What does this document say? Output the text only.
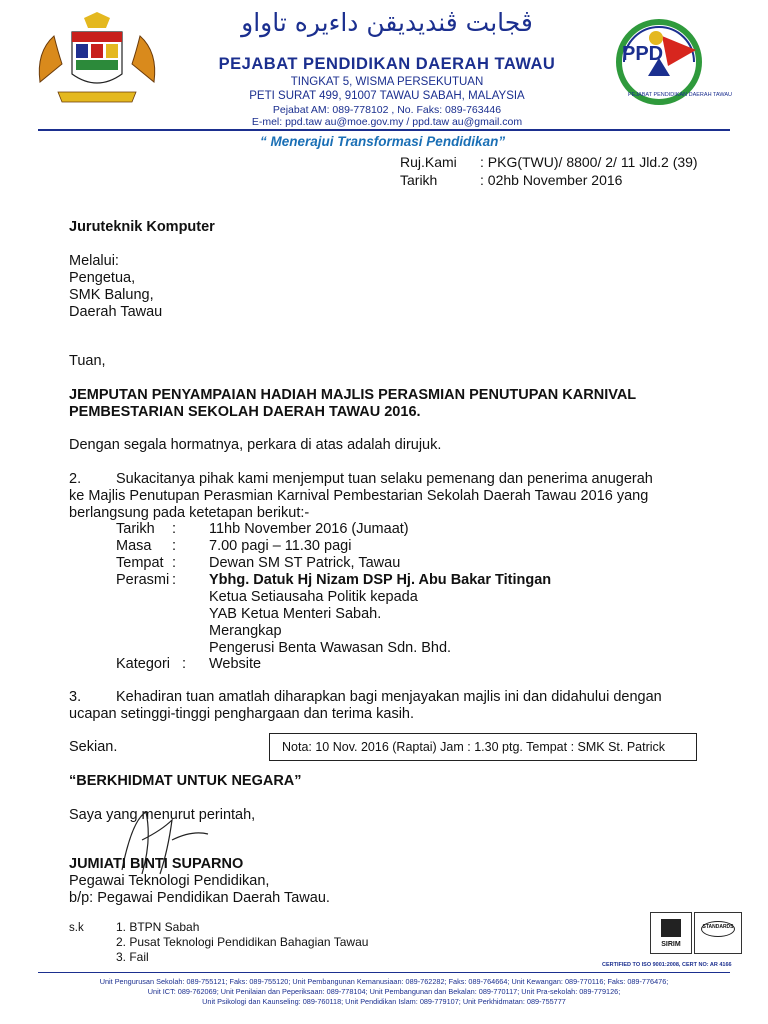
ڤجابت ڤنديديقن داءيره تاواو
PEJABAT PENDIDIKAN DAERAH TAWAU
TINGKAT 5, WISMA PERSEKUTUAN
PETI SURAT 499, 91007 TAWAU SABAH, MALAYSIA
Pejabat AM: 089-778102 , No. Faks: 089-763446
E-mel: ppd.taw au@moe.gov.my / ppd.taw au@gmail.com
PPD
PEJABAT PENDIDIKAN DAERAH TAWAU
“ Menerajui Transformasi Pendidikan”
Ruj.Kami : PKG(TWU)/ 8800/ 2/ 11 Jld.2 (39)
Tarikh	: 02hb November 2016
Juruteknik Komputer
Melalui:
Pengetua,
SMK Balung,
Daerah Tawau
Tuan,
JEMPUTAN PENYAMPAIAN HADIAH MAJLIS PERASMIAN PENUTUPAN KARNIVAL
PEMBESTARIAN SEKOLAH DAERAH TAWAU 2016.
Dengan segala hormatnya, perkara di atas adalah dirujuk.
2. Sukacitanya pihak kami menjemput tuan selaku pemenang dan penerima anugerah
ke Majlis Penutupan Perasmian Karnival Pembestarian Sekolah Daerah Tawau 2016 yang
berlangsung pada ketetapan berikut:-
Tarikh : 11hb November 2016 (Jumaat)
Masa : 7.00 pagi – 11.30 pagi
Tempat : Dewan SM ST Patrick, Tawau
Perasmi : Ybhg. Datuk Hj Nizam DSP Hj. Abu Bakar Titingan
Ketua Setiausaha Politik kepada
YAB Ketua Menteri Sabah.
Merangkap
Pengerusi Benta Wawasan Sdn. Bhd.
Kategori : Website
3. Kehadiran tuan amatlah diharapkan bagi menjayakan majlis ini dan didahului dengan
ucapan setinggi-tinggi penghargaan dan terima kasih.
Sekian.	Nota: 10 Nov. 2016 (Raptai) Jam : 1.30 ptg. Tempat : SMK St. Patrick
“BERKHIDMAT UNTUK NEGARA”
Saya yang menurut perintah,
JUMIATI BINTI SUPARNO
Pegawai Teknologi Pendidikan,
b/p: Pegawai Pendidikan Daerah Tawau.
s.k	1. BTPN Sabah
2. Pusat Teknologi Pendidikan Bahagian Tawau
3. Fail
SIRIM
STANDARDS
CERTIFIED TO ISO 9001:2008, CERT NO: AR 4166
Unit Pengurusan Sekolah: 089-755121; Faks: 089-755120; Unit Pembangunan Kemanusiaan: 089-762282; Faks: 089-764664; Unit Kewangan: 089-770116; Faks: 089-776476;
Unit ICT: 089-762069; Unit Penilaian dan Peperiksaan: 089-778104; Unit Pembangunan dan Bekalan: 089-770117; Unit Pra-sekolah: 089-779126;
Unit Psikologi dan Kaunseling: 089-760118; Unit Pendidikan Islam: 089-779107; Unit Perkhidmatan: 089-755777
